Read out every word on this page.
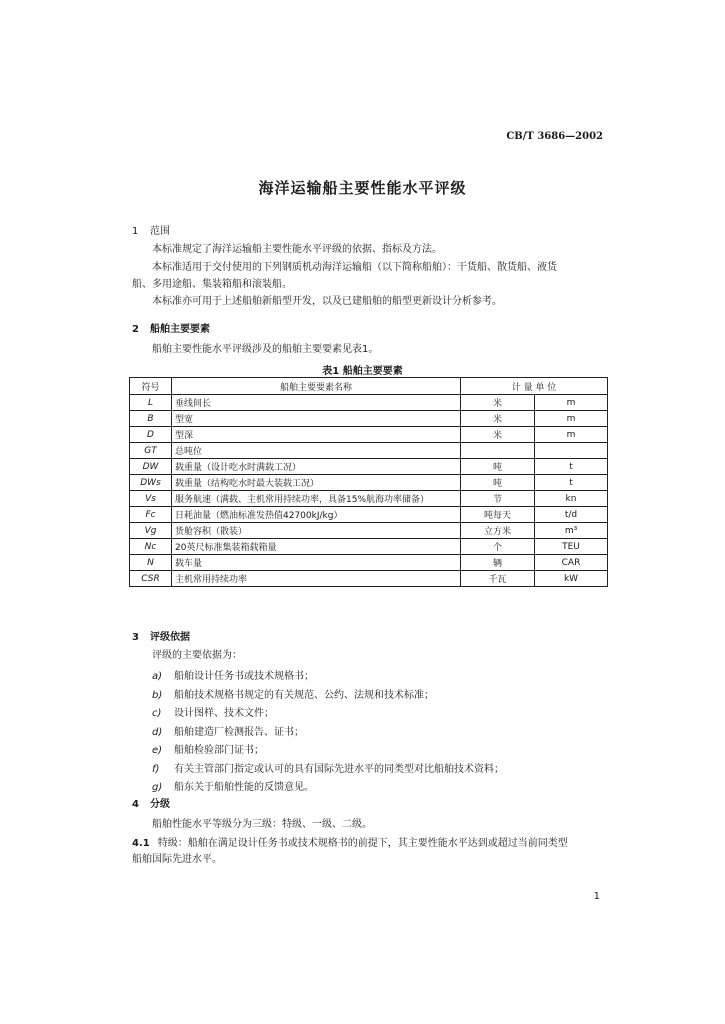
CB/T 3686—2002
海洋运输船主要性能水平评级
1 范围
本标准规定了海洋运输船主要性能水平评级的依据、指标及方法。
本标准适用于交付使用的下列钢质机动海洋运输船（以下简称船舶）：干货船、散货船、液货
船、多用途船、集装箱船和滚装船。
本标准亦可用于上述船舶新船型开发，以及已建船舶的船型更新设计分析参考。
2 船舶主要要素
船舶主要性能水平评级涉及的船舶主要要素见表1。
表1 船舶主要要素
符号	船舶主要要素名称	计 量 单 位	
L	垂线间长	米	m
B	型宽	米	m
D	型深	米	m
GT	总吨位		
DW	载重量（设计吃水时满载工况）	吨	t
DWs	载重量（结构吃水时最大装载工况）	吨	t
Vs	服务航速（满载、主机常用持续功率，具备15%航海功率储备）	节	kn
Fc	日耗油量（燃油标准发热值42700kJ/kg）	吨每天	t/d
Vg	货舱容积（散装）	立方米	m³
Nc	20英尺标准集装箱载箱量	个	TEU
N	载车量	辆	CAR
CSR	主机常用持续功率	千瓦	kW
3 评级依据
评级的主要依据为：
a) 船舶设计任务书或技术规格书；
b) 船舶技术规格书规定的有关规范、公约、法规和技术标准；
c) 设计图样、技术文件；
d) 船舶建造厂检测报告、证书；
e) 船舶检验部门证书；
f) 有关主管部门指定或认可的具有国际先进水平的同类型对比船舶技术资料；
g) 船东关于船舶性能的反馈意见。
4 分级
船舶性能水平等级分为三级：特级、一级、二级。
4.1 特级：船舶在满足设计任务书或技术规格书的前提下，其主要性能水平达到或超过当前同类型
船舶国际先进水平。
1
